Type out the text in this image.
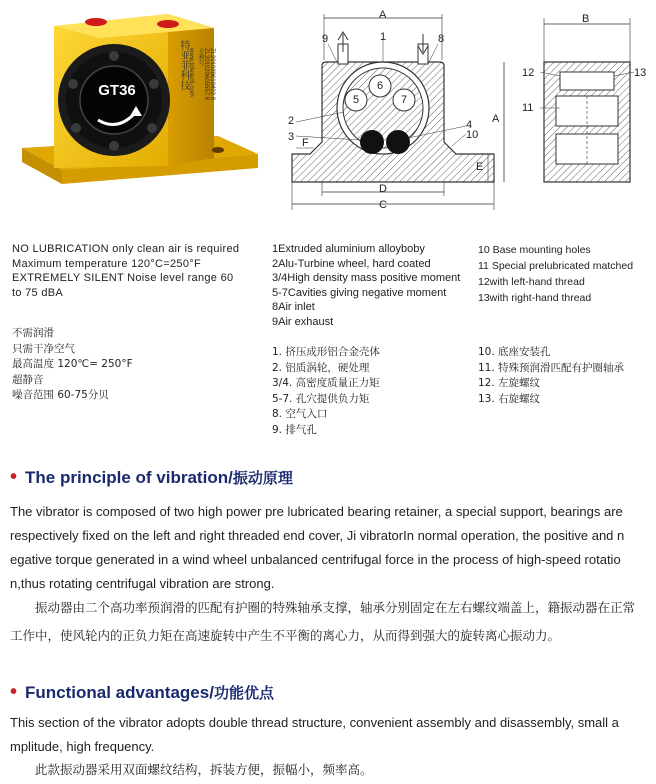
GT36
特亚菲科技 www.tofetech.com 专利号 ZL201020605557.8 ZL201020610422.9
A
A
D
C
E
F
1
2
3
4
5
6
7
8
9
10
B
12
11
13
NO LUBRICATION only clean air is required
Maximum temperature 120°C=250°F
EXTREMELY SILENT Noise level range 60
to 75 dBA
不需润滑
只需干净空气
最高温度 120℃= 250°F
超静音
噪音范围 60-75分贝
1Extruded aluminium alloyboby
2Alu-Turbine wheel, hard coated
3/4High density mass positive moment
5-7Cavities giving negative moment
8Air inlet
9Air exhaust
10 Base mounting holes
11 Special prelubricated matched
12with left-hand thread
13with right-hand thread
1. 挤压成形铝合金壳体
2. 铝质涡轮，硬处理
3/4. 高密度质量正力矩
5-7. 孔穴提供负力矩
8. 空气入口
9. 排气孔
10. 底座安装孔
11. 特殊预润滑匹配有护圈轴承
12. 左旋螺纹
13. 右旋螺纹
• The principle of vibration/振动原理
The vibrator is composed of two high power pre lubricated bearing retainer, a special support, bearings are respectively fixed on the left and right threaded end cover, Ji vibratorIn normal operation, the positive and n egative torque generated in a wind wheel unbalanced centrifugal force in the process of high-speed rotatio n,thus rotating centrifugal vibration are strong.
振动器由二个高功率预润滑的匹配有护圈的特殊轴承支撑，轴承分别固定在左右螺纹端盖上，籍振动器在正常工作中，使风轮内的正负力矩在高速旋转中产生不平衡的离心力，从而得到强大的旋转离心振动力。
• Functional advantages/功能优点
This section of the vibrator adopts double thread structure, convenient assembly and disassembly, small a mplitude, high frequency.
此款振动器采用双面螺纹结构，拆装方便，振幅小，频率高。
